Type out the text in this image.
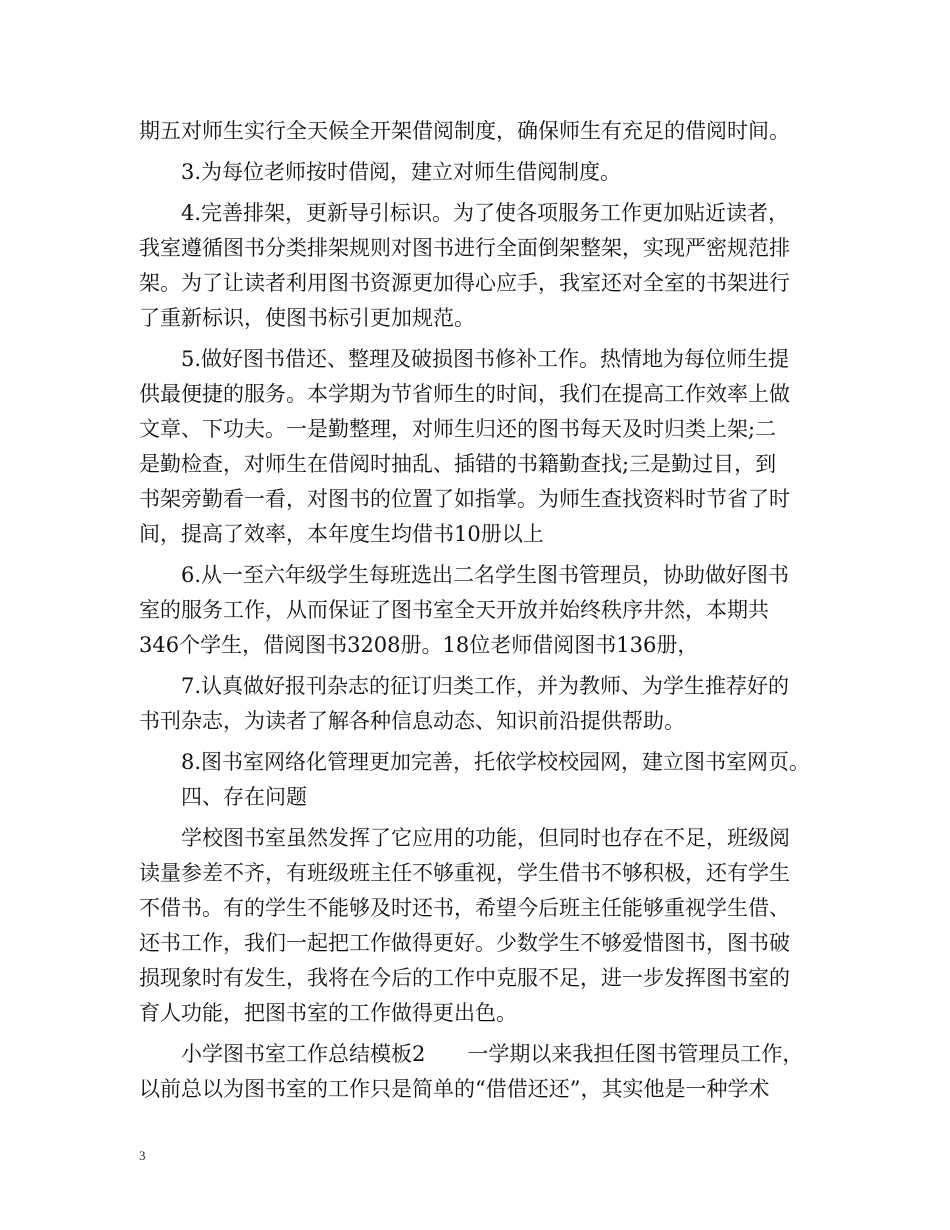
期五对师生实行全天候全开架借阅制度，确保师生有充足的借阅时间。
3.为每位老师按时借阅，建立对师生借阅制度。
4.完善排架，更新导引标识。为了使各项服务工作更加贴近读者，
我室遵循图书分类排架规则对图书进行全面倒架整架，实现严密规范排
架。为了让读者利用图书资源更加得心应手，我室还对全室的书架进行
了重新标识，使图书标引更加规范。
5.做好图书借还、整理及破损图书修补工作。热情地为每位师生提
供最便捷的服务。本学期为节省师生的时间，我们在提高工作效率上做
文章、下功夫。一是勤整理，对师生归还的图书每天及时归类上架;二
是勤检查，对师生在借阅时抽乱、插错的书籍勤查找;三是勤过目，到
书架旁勤看一看，对图书的位置了如指掌。为师生查找资料时节省了时
间，提高了效率，本年度生均借书10册以上
6.从一至六年级学生每班选出二名学生图书管理员，协助做好图书
室的服务工作，从而保证了图书室全天开放并始终秩序井然，本期共
346个学生，借阅图书3208册。18位老师借阅图书136册，
7.认真做好报刊杂志的征订归类工作，并为教师、为学生推荐好的
书刊杂志，为读者了解各种信息动态、知识前沿提供帮助。
8.图书室网络化管理更加完善，托依学校校园网，建立图书室网页。
四、存在问题
学校图书室虽然发挥了它应用的功能，但同时也存在不足，班级阅
读量参差不齐，有班级班主任不够重视，学生借书不够积极，还有学生
不借书。有的学生不能够及时还书，希望今后班主任能够重视学生借、
还书工作，我们一起把工作做得更好。少数学生不够爱惜图书，图书破
损现象时有发生，我将在今后的工作中克服不足，进一步发挥图书室的
育人功能，把图书室的工作做得更出色。
小学图书室工作总结模板2　　一学期以来我担任图书管理员工作，
以前总以为图书室的工作只是简单的“借借还还”，其实他是一种学术
3
